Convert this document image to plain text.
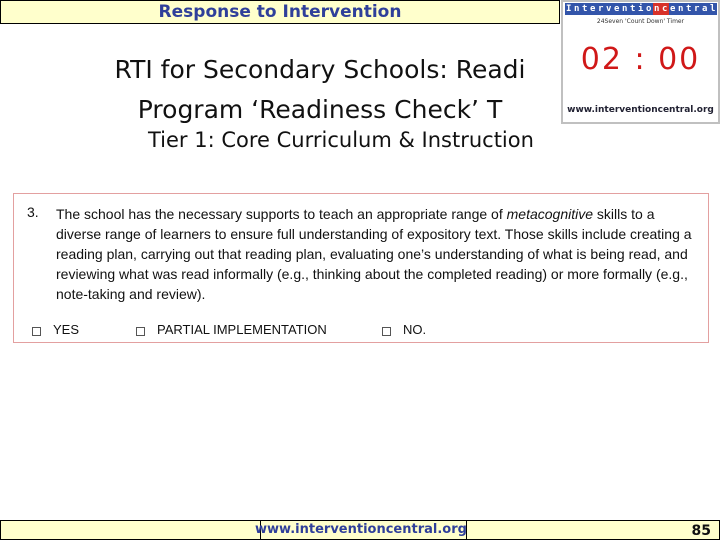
Response to Intervention	I n t e r v e n t i o n c e n t r a l
24Seven 'Count Down' Timer
02 : 00
www.interventioncentral.org
RTI for Secondary Schools: Readi
Program ‘Readiness Check’ T
Tier 1: Core Curriculum & Instruction
3. The school has the necessary supports to teach an appropriate range of metacognitive skills to a diverse range of learners to ensure full understanding of expository text. Those skills include creating a reading plan, carrying out that reading plan, evaluating one’s understanding of what is being read, and reviewing what was read informally (e.g., thinking about the completed reading) or more formally (e.g., note-taking and review).
YES	PARTIAL IMPLEMENTATION	NO.
www.interventioncentral.org	85
